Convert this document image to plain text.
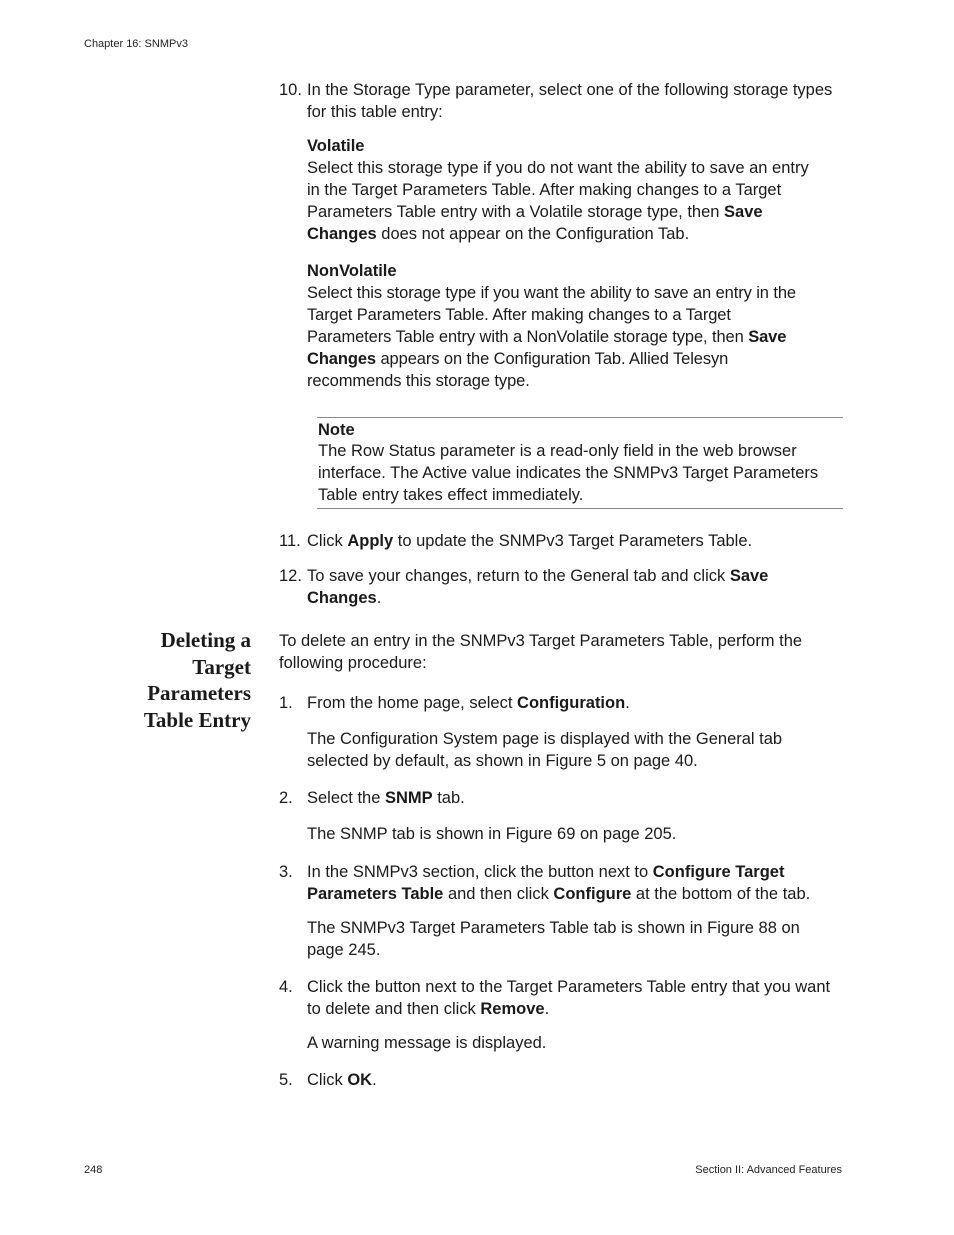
Chapter 16: SNMPv3
10. In the Storage Type parameter, select one of the following storage types for this table entry:
Volatile
Select this storage type if you do not want the ability to save an entry in the Target Parameters Table. After making changes to a Target Parameters Table entry with a Volatile storage type, then Save Changes does not appear on the Configuration Tab.
NonVolatile
Select this storage type if you want the ability to save an entry in the Target Parameters Table. After making changes to a Target Parameters Table entry with a NonVolatile storage type, then Save Changes appears on the Configuration Tab. Allied Telesyn recommends this storage type.
Note
The Row Status parameter is a read-only field in the web browser interface. The Active value indicates the SNMPv3 Target Parameters Table entry takes effect immediately.
11. Click Apply to update the SNMPv3 Target Parameters Table.
12. To save your changes, return to the General tab and click Save Changes.
Deleting a Target Parameters Table Entry
To delete an entry in the SNMPv3 Target Parameters Table, perform the following procedure:
1. From the home page, select Configuration.
The Configuration System page is displayed with the General tab selected by default, as shown in Figure 5 on page 40.
2. Select the SNMP tab.
The SNMP tab is shown in Figure 69 on page 205.
3. In the SNMPv3 section, click the button next to Configure Target Parameters Table and then click Configure at the bottom of the tab.
The SNMPv3 Target Parameters Table tab is shown in Figure 88 on page 245.
4. Click the button next to the Target Parameters Table entry that you want to delete and then click Remove.
A warning message is displayed.
5. Click OK.
248	Section II: Advanced Features
